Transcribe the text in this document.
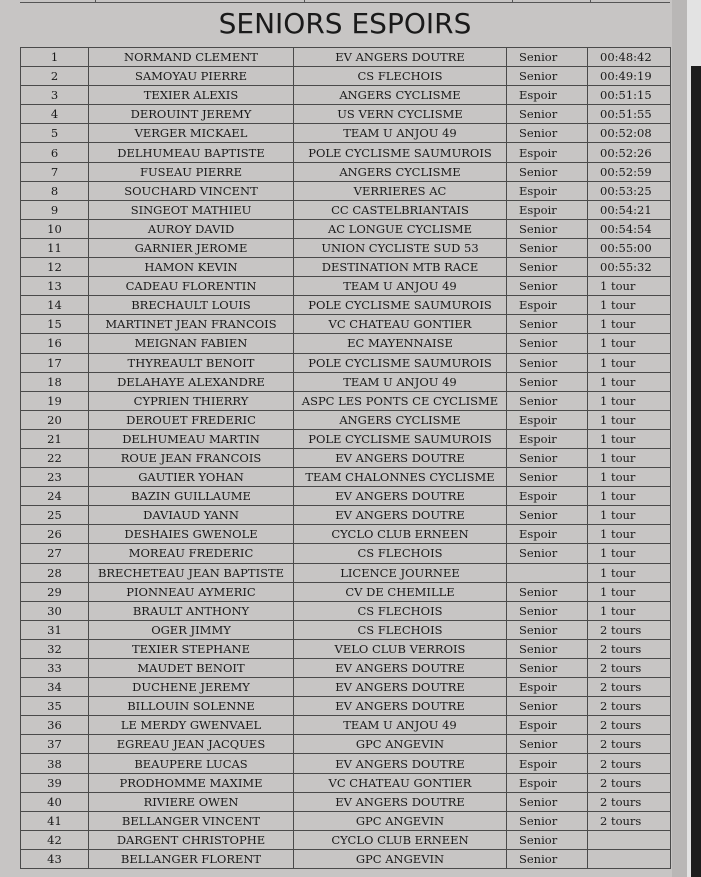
SENIORS ESPOIRS
1	NORMAND CLEMENT	EV ANGERS DOUTRE	Senior	00:48:42
2	SAMOYAU PIERRE	CS FLECHOIS	Senior	00:49:19
3	TEXIER ALEXIS	ANGERS CYCLISME	Espoir	00:51:15
4	DEROUINT JEREMY	US VERN CYCLISME	Senior	00:51:55
5	VERGER MICKAEL	TEAM U ANJOU 49	Senior	00:52:08
6	DELHUMEAU BAPTISTE	POLE CYCLISME SAUMUROIS	Espoir	00:52:26
7	FUSEAU PIERRE	ANGERS CYCLISME	Senior	00:52:59
8	SOUCHARD VINCENT	VERRIERES AC	Espoir	00:53:25
9	SINGEOT MATHIEU	CC CASTELBRIANTAIS	Espoir	00:54:21
10	AUROY DAVID	AC LONGUE CYCLISME	Senior	00:54:54
11	GARNIER JEROME	UNION CYCLISTE SUD 53	Senior	00:55:00
12	HAMON KEVIN	DESTINATION MTB RACE	Senior	00:55:32
13	CADEAU FLORENTIN	TEAM U ANJOU 49	Senior	1 tour
14	BRECHAULT LOUIS	POLE CYCLISME SAUMUROIS	Espoir	1 tour
15	MARTINET JEAN FRANCOIS	VC CHATEAU GONTIER	Senior	1 tour
16	MEIGNAN FABIEN	EC MAYENNAISE	Senior	1 tour
17	THYREAULT BENOIT	POLE CYCLISME SAUMUROIS	Senior	1 tour
18	DELAHAYE ALEXANDRE	TEAM U ANJOU 49	Senior	1 tour
19	CYPRIEN THIERRY	ASPC LES PONTS CE CYCLISME	Senior	1 tour
20	DEROUET FREDERIC	ANGERS CYCLISME	Espoir	1 tour
21	DELHUMEAU MARTIN	POLE CYCLISME SAUMUROIS	Espoir	1 tour
22	ROUE JEAN FRANCOIS	EV ANGERS DOUTRE	Senior	1 tour
23	GAUTIER YOHAN	TEAM CHALONNES CYCLISME	Senior	1 tour
24	BAZIN GUILLAUME	EV ANGERS DOUTRE	Espoir	1 tour
25	DAVIAUD YANN	EV ANGERS DOUTRE	Senior	1 tour
26	DESHAIES GWENOLE	CYCLO CLUB ERNEEN	Espoir	1 tour
27	MOREAU FREDERIC	CS FLECHOIS	Senior	1 tour
28	BRECHETEAU JEAN BAPTISTE	LICENCE JOURNEE		1 tour
29	PIONNEAU AYMERIC	CV DE CHEMILLE	Senior	1 tour
30	BRAULT ANTHONY	CS FLECHOIS	Senior	1 tour
31	OGER JIMMY	CS FLECHOIS	Senior	2 tours
32	TEXIER STEPHANE	VELO CLUB VERROIS	Senior	2 tours
33	MAUDET BENOIT	EV ANGERS DOUTRE	Senior	2 tours
34	DUCHENE JEREMY	EV ANGERS DOUTRE	Espoir	2 tours
35	BILLOUIN SOLENNE	EV ANGERS DOUTRE	Senior	2 tours
36	LE MERDY GWENVAEL	TEAM U ANJOU 49	Espoir	2 tours
37	EGREAU JEAN JACQUES	GPC ANGEVIN	Senior	2 tours
38	BEAUPERE LUCAS	EV ANGERS DOUTRE	Espoir	2 tours
39	PRODHOMME MAXIME	VC CHATEAU GONTIER	Espoir	2 tours
40	RIVIERE OWEN	EV ANGERS DOUTRE	Senior	2 tours
41	BELLANGER VINCENT	GPC ANGEVIN	Senior	2 tours
42	DARGENT CHRISTOPHE	CYCLO CLUB ERNEEN	Senior	
43	BELLANGER FLORENT	GPC ANGEVIN	Senior	
